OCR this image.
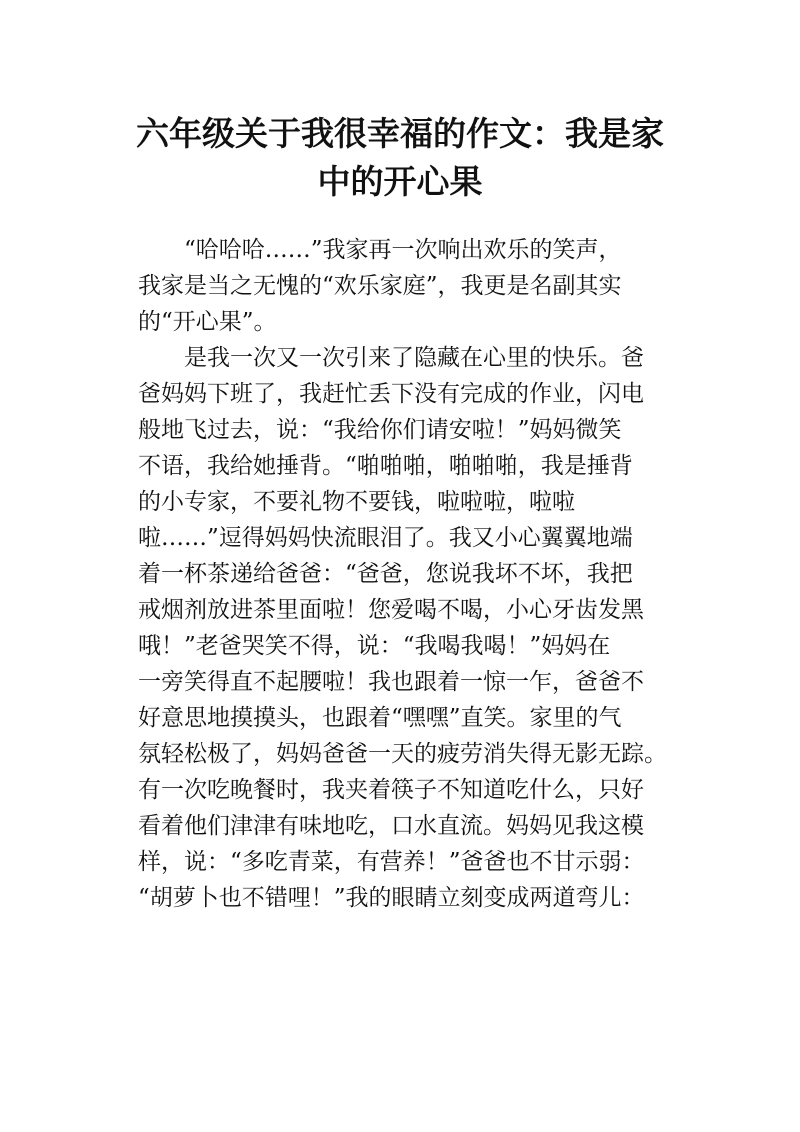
六年级关于我很幸福的作文：我是家
中的开心果
“哈哈哈……”我家再一次响出欢乐的笑声，
我家是当之无愧的“欢乐家庭”，我更是名副其实
的“开心果”。
是我一次又一次引来了隐藏在心里的快乐。爸
爸妈妈下班了，我赶忙丢下没有完成的作业，闪电
般地飞过去，说：“我给你们请安啦！”妈妈微笑
不语，我给她捶背。“啪啪啪，啪啪啪，我是捶背
的小专家，不要礼物不要钱，啦啦啦，啦啦
啦……”逗得妈妈快流眼泪了。我又小心翼翼地端
着一杯茶递给爸爸：“爸爸，您说我坏不坏，我把
戒烟剂放进茶里面啦！您爱喝不喝，小心牙齿发黑
哦！”老爸哭笑不得，说：“我喝我喝！”妈妈在
一旁笑得直不起腰啦！我也跟着一惊一乍，爸爸不
好意思地摸摸头，也跟着“嘿嘿”直笑。家里的气
氛轻松极了，妈妈爸爸一天的疲劳消失得无影无踪。
有一次吃晚餐时，我夹着筷子不知道吃什么，只好
看着他们津津有味地吃，口水直流。妈妈见我这模
样，说：“多吃青菜，有营养！”爸爸也不甘示弱：
“胡萝卜也不错哩！”我的眼睛立刻变成两道弯儿：
